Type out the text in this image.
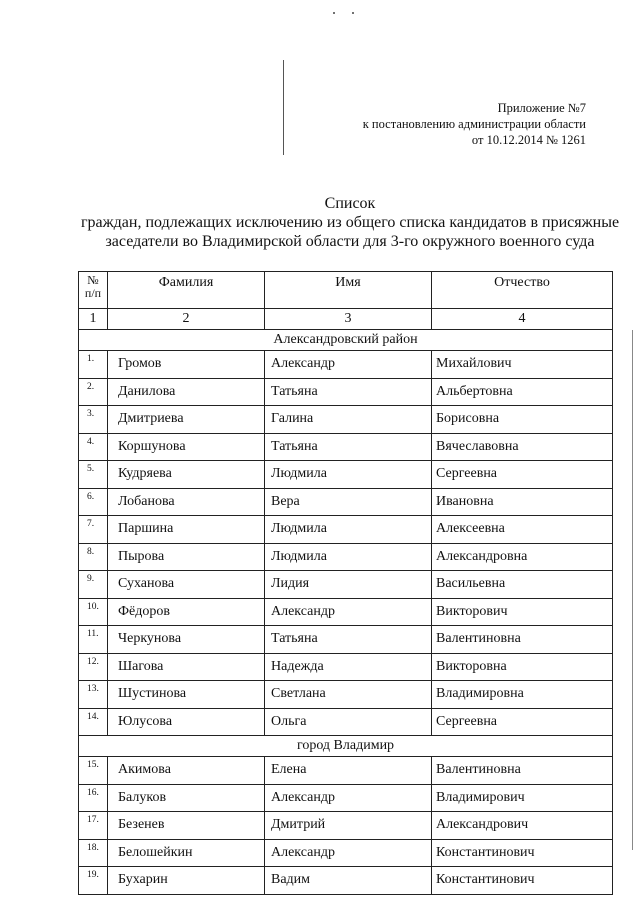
Приложение №7
к постановлению администрации области
от 10.12.2014 № 1261
Список
граждан, подлежащих исключению из общего списка кандидатов в присяжные
заседатели во Владимирской области для 3-го окружного военного суда
№ п/п	Фамилия	Имя	Отчество
1	2	3	4
Александровский район			
1.	Громов	Александр	Михайлович
2.	Данилова	Татьяна	Альбертовна
3.	Дмитриева	Галина	Борисовна
4.	Коршунова	Татьяна	Вячеславовна
5.	Кудряева	Людмила	Сергеевна
6.	Лобанова	Вера	Ивановна
7.	Паршина	Людмила	Алексеевна
8.	Пырова	Людмила	Александровна
9.	Суханова	Лидия	Васильевна
10.	Фёдоров	Александр	Викторович
11.	Черкунова	Татьяна	Валентиновна
12.	Шагова	Надежда	Викторовна
13.	Шустинова	Светлана	Владимировна
14.	Юлусова	Ольга	Сергеевна
город Владимир			
15.	Акимова	Елена	Валентиновна
16.	Балуков	Александр	Владимирович
17.	Безенев	Дмитрий	Александрович
18.	Белошейкин	Александр	Константинович
19.	Бухарин	Вадим	Константинович
